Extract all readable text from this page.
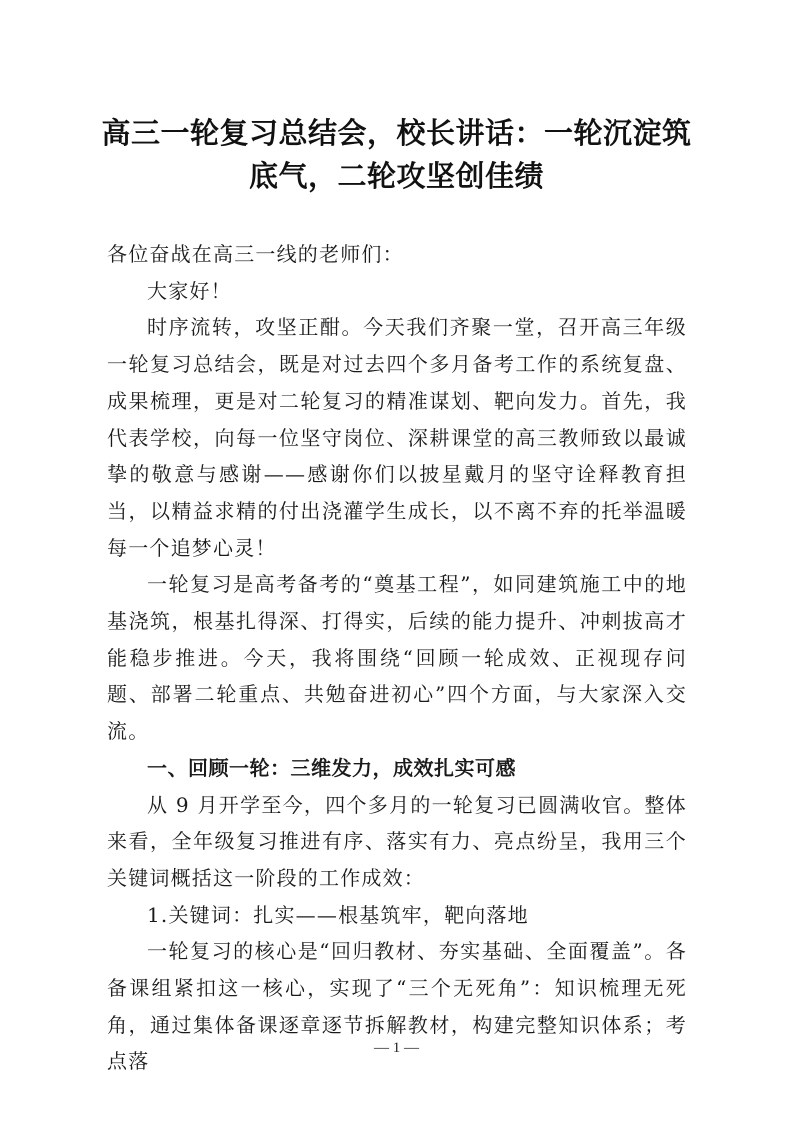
高三一轮复习总结会，校长讲话：一轮沉淀筑底气，二轮攻坚创佳绩

各位奋战在高三一线的老师们：

大家好！

时序流转，攻坚正酣。今天我们齐聚一堂，召开高三年级一轮复习总结会，既是对过去四个多月备考工作的系统复盘、成果梳理，更是对二轮复习的精准谋划、靶向发力。首先，我代表学校，向每一位坚守岗位、深耕课堂的高三教师致以最诚挚的敬意与感谢——感谢你们以披星戴月的坚守诠释教育担当，以精益求精的付出浇灌学生成长，以不离不弃的托举温暖每一个追梦心灵！

一轮复习是高考备考的“奠基工程”，如同建筑施工中的地基浇筑，根基扎得深、打得实，后续的能力提升、冲刺拔高才能稳步推进。今天，我将围绕“回顾一轮成效、正视现存问题、部署二轮重点、共勉奋进初心”四个方面，与大家深入交流。

一、回顾一轮：三维发力，成效扎实可感

从 9 月开学至今，四个多月的一轮复习已圆满收官。整体来看，全年级复习推进有序、落实有力、亮点纷呈，我用三个关键词概括这一阶段的工作成效：

1.关键词：扎实——根基筑牢，靶向落地

一轮复习的核心是“回归教材、夯实基础、全面覆盖”。各备课组紧扣这一核心，实现了“三个无死角”：知识梳理无死角，通过集体备课逐章逐节拆解教材，构建完整知识体系；考点落

— 1 —
